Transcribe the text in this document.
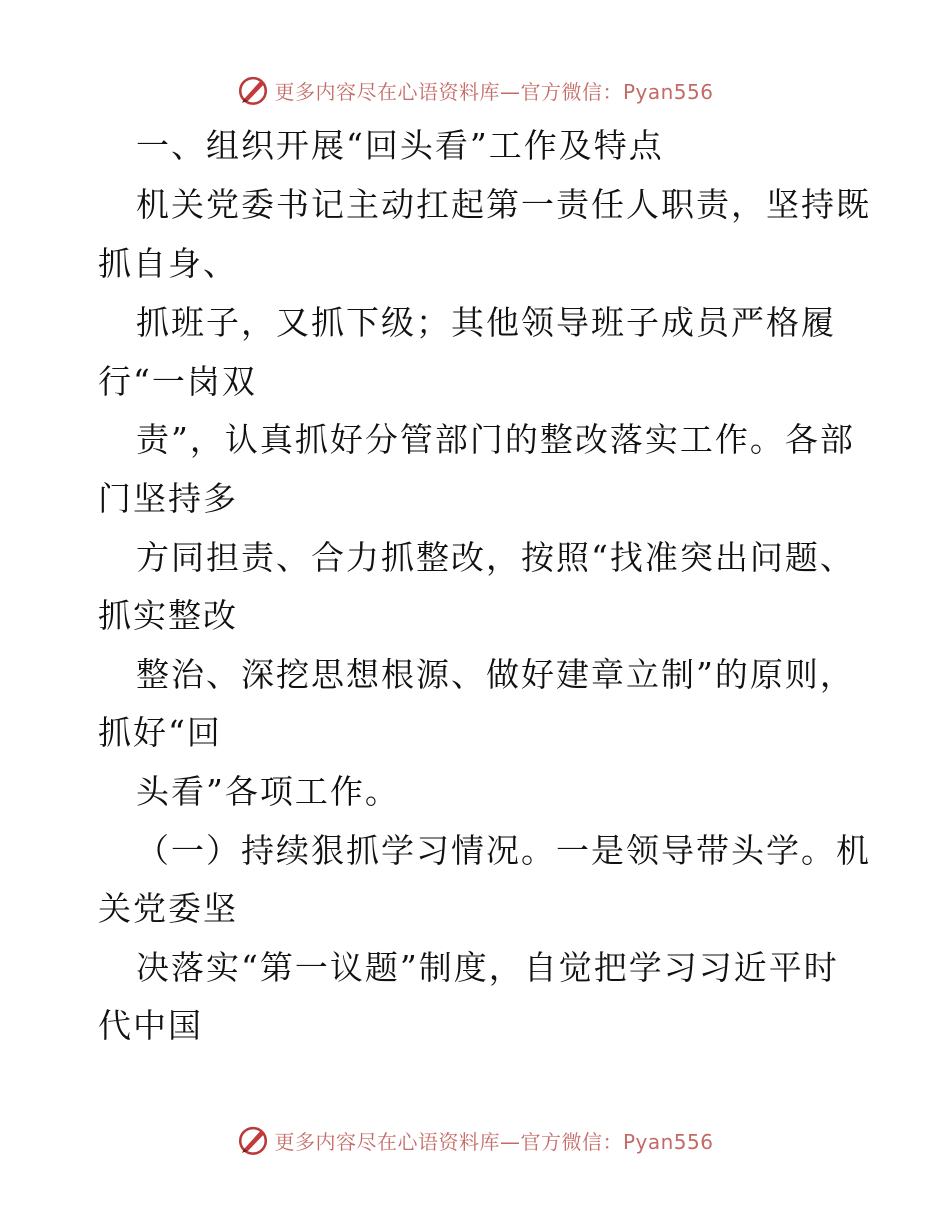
更多内容尽在心语资料库—官方微信：Pyan556
一、组织开展“回头看”工作及特点
机关党委书记主动扛起第一责任人职责，坚持既
抓自身、
抓班子，又抓下级；其他领导班子成员严格履
行“一岗双
责”，认真抓好分管部门的整改落实工作。各部
门坚持多
方同担责、合力抓整改，按照“找准突出问题、
抓实整改
整治、深挖思想根源、做好建章立制”的原则，
抓好“回
头看”各项工作。
（一）持续狠抓学习情况。一是领导带头学。机
关党委坚
决落实“第一议题”制度，自觉把学习习近平时
代中国
更多内容尽在心语资料库—官方微信：Pyan556
